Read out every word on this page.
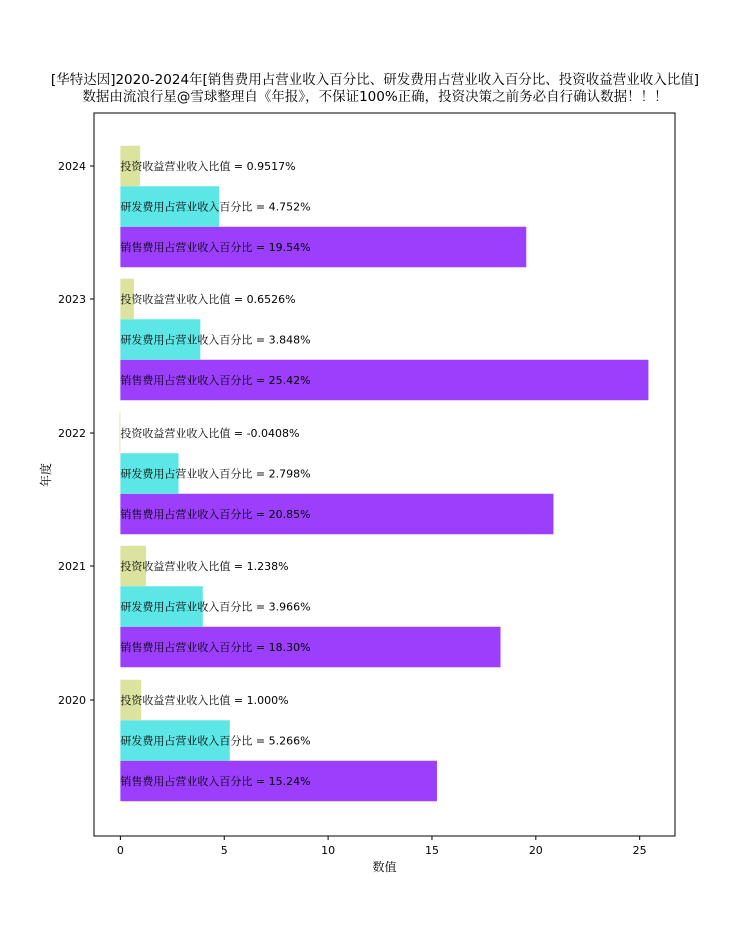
[华特达因]2020-2024年[销售费用占营业收入百分比、研发费用占营业收入百分比、投资收益营业收入比值]
数据由流浪行星@雪球整理自《年报》，不保证100%正确，投资决策之前务必自行确认数据！！！
销售费用占营业收入百分比 = 15.24%
销售费用占营业收入百分比 = 18.30%
销售费用占营业收入百分比 = 20.85%
销售费用占营业收入百分比 = 25.42%
销售费用占营业收入百分比 = 19.54%
研发费用占营业收入百分比 = 5.266%
研发费用占营业收入百分比 = 3.966%
研发费用占营业收入百分比 = 2.798%
研发费用占营业收入百分比 = 3.848%
研发费用占营业收入百分比 = 4.752%
投资收益营业收入比值 = 1.000%
投资收益营业收入比值 = 1.238%
投资收益营业收入比值 = -0.0408%
投资收益营业收入比值 = 0.6526%
投资收益营业收入比值 = 0.9517%
0	5	10	15	20	25
2020
2021
2022
2023
2024
数值
年度
